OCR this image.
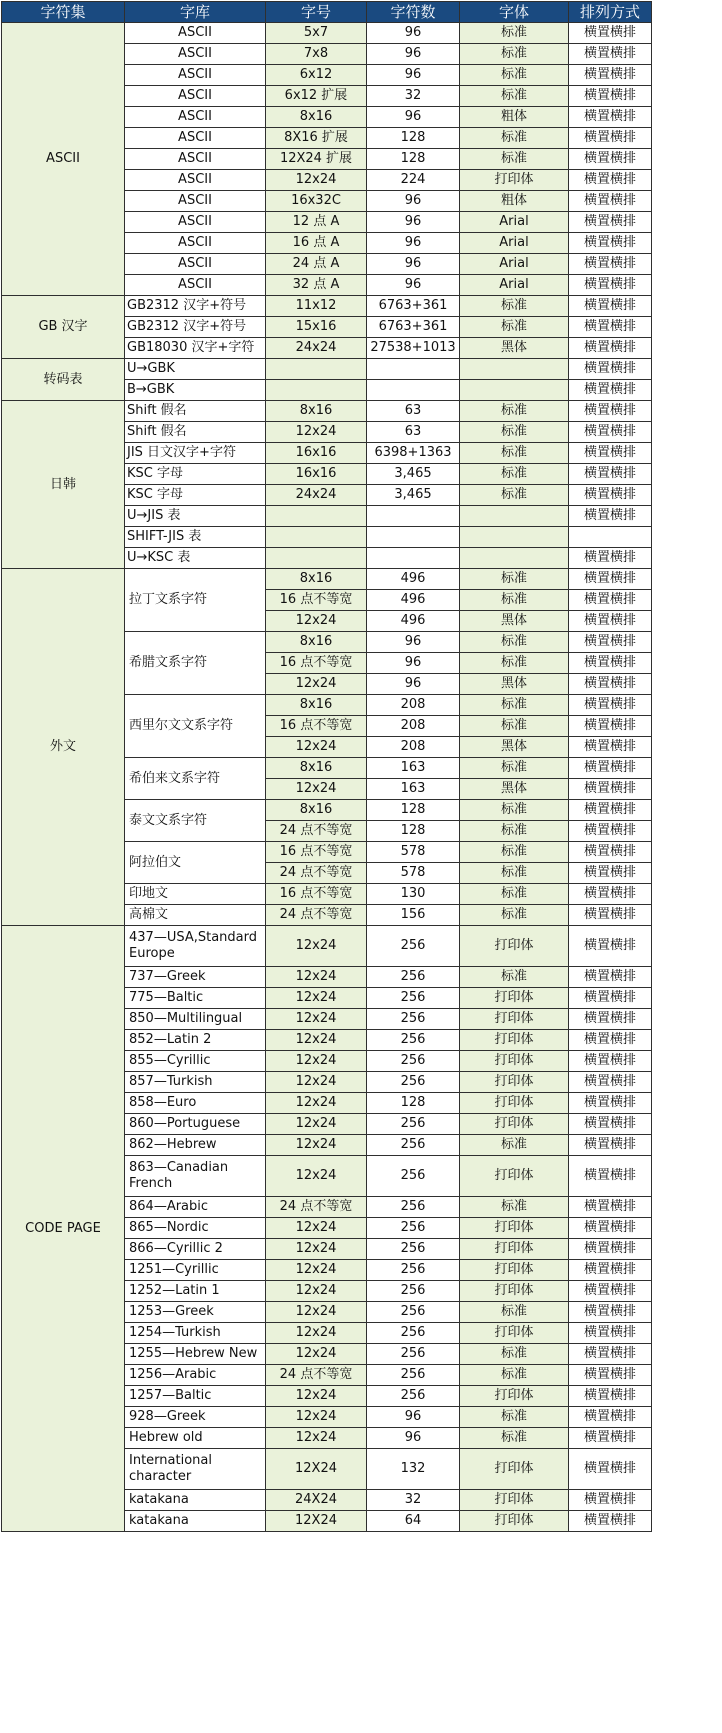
字符集	字库	字号	字符数	字体	排列方式
ASCII	ASCII	5x7	96	标准	横置横排
	ASCII	7x8	96	标准	横置横排
	ASCII	6x12	96	标准	横置横排
	ASCII	6x12 扩展	32	标准	横置横排
	ASCII	8x16	96	粗体	横置横排
	ASCII	8X16 扩展	128	标准	横置横排
	ASCII	12X24 扩展	128	标准	横置横排
	ASCII	12x24	224	打印体	横置横排
	ASCII	16x32C	96	粗体	横置横排
	ASCII	12 点 A	96	Arial	横置横排
	ASCII	16 点 A	96	Arial	横置横排
	ASCII	24 点 A	96	Arial	横置横排
	ASCII	32 点 A	96	Arial	横置横排
GB 汉字	GB2312 汉字+符号	11x12	6763+361	标准	横置横排
	GB2312 汉字+符号	15x16	6763+361	标准	横置横排
	GB18030 汉字+字符	24x24	27538+1013	黑体	横置横排
转码表	U→GBK				横置横排
	B→GBK				横置横排
日韩	Shift 假名	8x16	63	标准	横置横排
	Shift 假名	12x24	63	标准	横置横排
	JIS 日文汉字+字符	16x16	6398+1363	标准	横置横排
	KSC 字母	16x16	3,465	标准	横置横排
	KSC 字母	24x24	3,465	标准	横置横排
	U→JIS 表				横置横排
	SHIFT-JIS 表				
	U→KSC 表				横置横排
外文	拉丁文系字符	8x16	496	标准	横置横排
		16 点不等宽	496	标准	横置横排
		12x24	496	黑体	横置横排
	希腊文系字符	8x16	96	标准	横置横排
		16 点不等宽	96	标准	横置横排
		12x24	96	黑体	横置横排
	西里尔文文系字符	8x16	208	标准	横置横排
		16 点不等宽	208	标准	横置横排
		12x24	208	黑体	横置横排
	希伯来文系字符	8x16	163	标准	横置横排
		12x24	163	黑体	横置横排
	泰文文系字符	8x16	128	标准	横置横排
		24 点不等宽	128	标准	横置横排
	阿拉伯文	16 点不等宽	578	标准	横置横排
		24 点不等宽	578	标准	横置横排
	印地文	16 点不等宽	130	标准	横置横排
	高棉文	24 点不等宽	156	标准	横置横排
CODE PAGE	437—USA,Standard Europe	12x24	256	打印体	横置横排
	737—Greek	12x24	256	标准	横置横排
	775—Baltic	12x24	256	打印体	横置横排
	850—Multilingual	12x24	256	打印体	横置横排
	852—Latin 2	12x24	256	打印体	横置横排
	855—Cyrillic	12x24	256	打印体	横置横排
	857—Turkish	12x24	256	打印体	横置横排
	858—Euro	12x24	128	打印体	横置横排
	860—Portuguese	12x24	256	打印体	横置横排
	862—Hebrew	12x24	256	标准	横置横排
	863—Canadian French	12x24	256	打印体	横置横排
	864—Arabic	24 点不等宽	256	标准	横置横排
	865—Nordic	12x24	256	打印体	横置横排
	866—Cyrillic 2	12x24	256	打印体	横置横排
	1251—Cyrillic	12x24	256	打印体	横置横排
	1252—Latin 1	12x24	256	打印体	横置横排
	1253—Greek	12x24	256	标准	横置横排
	1254—Turkish	12x24	256	打印体	横置横排
	1255—Hebrew New	12x24	256	标准	横置横排
	1256—Arabic	24 点不等宽	256	标准	横置横排
	1257—Baltic	12x24	256	打印体	横置横排
	928—Greek	12x24	96	标准	横置横排
	Hebrew old	12x24	96	标准	横置横排
	International character	12X24	132	打印体	横置横排
	katakana	24X24	32	打印体	横置横排
	katakana	12X24	64	打印体	横置横排
